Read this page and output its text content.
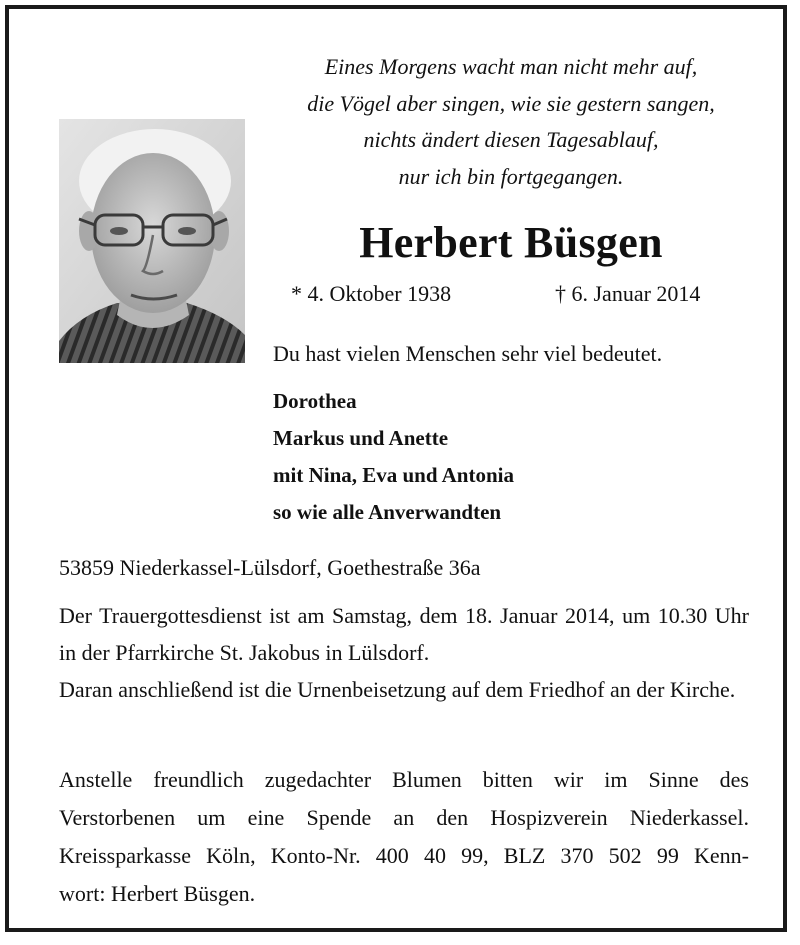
Eines Morgens wacht man nicht mehr auf,
die Vögel aber singen, wie sie gestern sangen,
nichts ändert diesen Tagesablauf,
nur ich bin fortgegangen.
Herbert Büsgen
* 4. Oktober 1938	† 6. Januar 2014
Du hast vielen Menschen sehr viel bedeutet.
Dorothea
Markus und Anette
mit Nina, Eva und Antonia
so wie alle Anverwandten
53859 Niederkassel-Lülsdorf, Goethestraße 36a

Der Trauergottesdienst ist am Samstag, dem 18. Januar 2014, um 10.30 Uhr in der Pfarrkirche St. Jakobus in Lülsdorf.

Daran anschließend ist die Urnenbeisetzung auf dem Friedhof an der Kirche.

Anstelle freundlich zugedachter Blumen bitten wir im Sinne des
Verstorbenen um eine Spende an den Hospizverein Niederkassel.
Kreissparkasse Köln, Konto-Nr. 400 40 99, BLZ 370 502 99 Kenn-
wort: Herbert Büsgen.
